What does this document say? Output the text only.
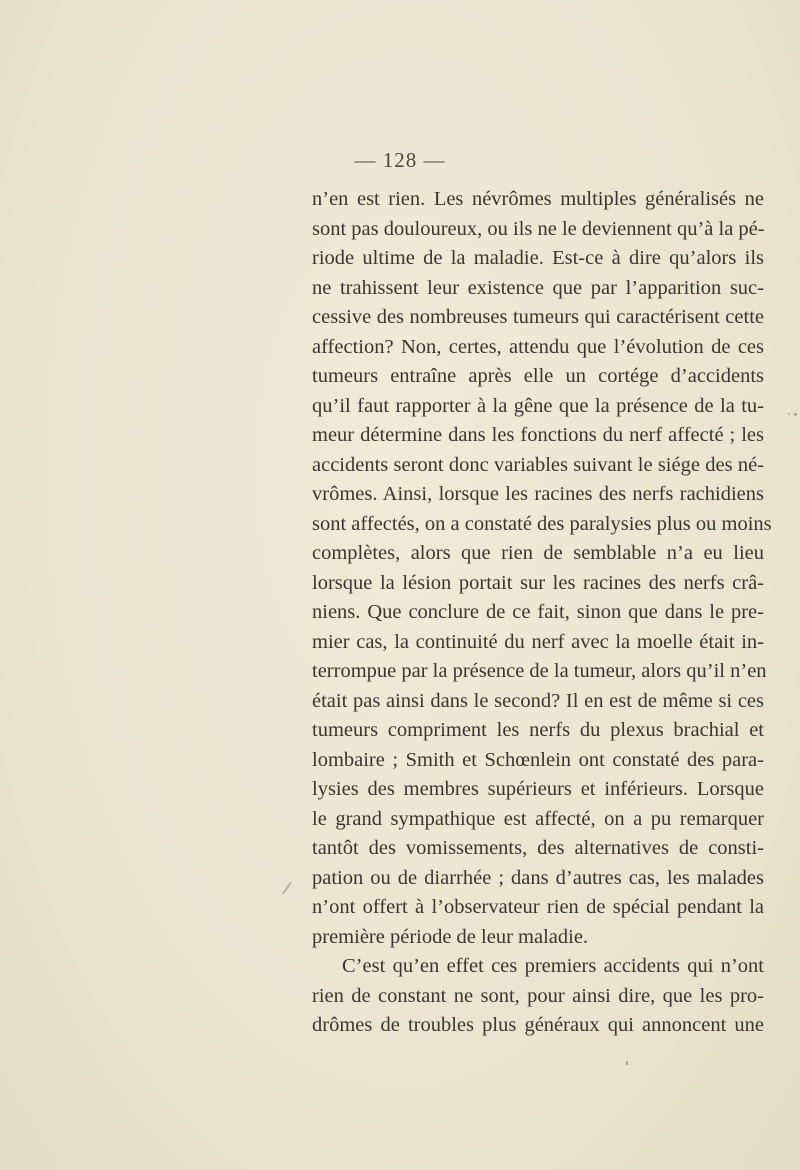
— 128 —
n’en est rien. Les névrômes multiples généralisés ne
sont pas douloureux, ou ils ne le deviennent qu’à la pé-
riode ultime de la maladie. Est-ce à dire qu’alors ils
ne trahissent leur existence que par l’apparition suc-
cessive des nombreuses tumeurs qui caractérisent cette
affection? Non, certes, attendu que l’évolution de ces
tumeurs entraîne après elle un cortége d’accidents
qu’il faut rapporter à la gêne que la présence de la tu-
meur détermine dans les fonctions du nerf affecté ; les
accidents seront donc variables suivant le siége des né-
vrômes. Ainsi, lorsque les racines des nerfs rachidiens
sont affectés, on a constaté des paralysies plus ou moins
complètes, alors que rien de semblable n’a eu lieu
lorsque la lésion portait sur les racines des nerfs crâ-
niens. Que conclure de ce fait, sinon que dans le pre-
mier cas, la continuité du nerf avec la moelle était in-
terrompue par la présence de la tumeur, alors qu’il n’en
était pas ainsi dans le second? Il en est de même si ces
tumeurs compriment les nerfs du plexus brachial et
lombaire ; Smith et Schœnlein ont constaté des para-
lysies des membres supérieurs et inférieurs. Lorsque
le grand sympathique est affecté, on a pu remarquer
tantôt des vomissements, des alternatives de consti-
pation ou de diarrhée ; dans d’autres cas, les malades
n’ont offert à l’observateur rien de spécial pendant la
première période de leur maladie.
C’est qu’en effet ces premiers accidents qui n’ont
rien de constant ne sont, pour ainsi dire, que les pro-
drômes de troubles plus généraux qui annoncent une
